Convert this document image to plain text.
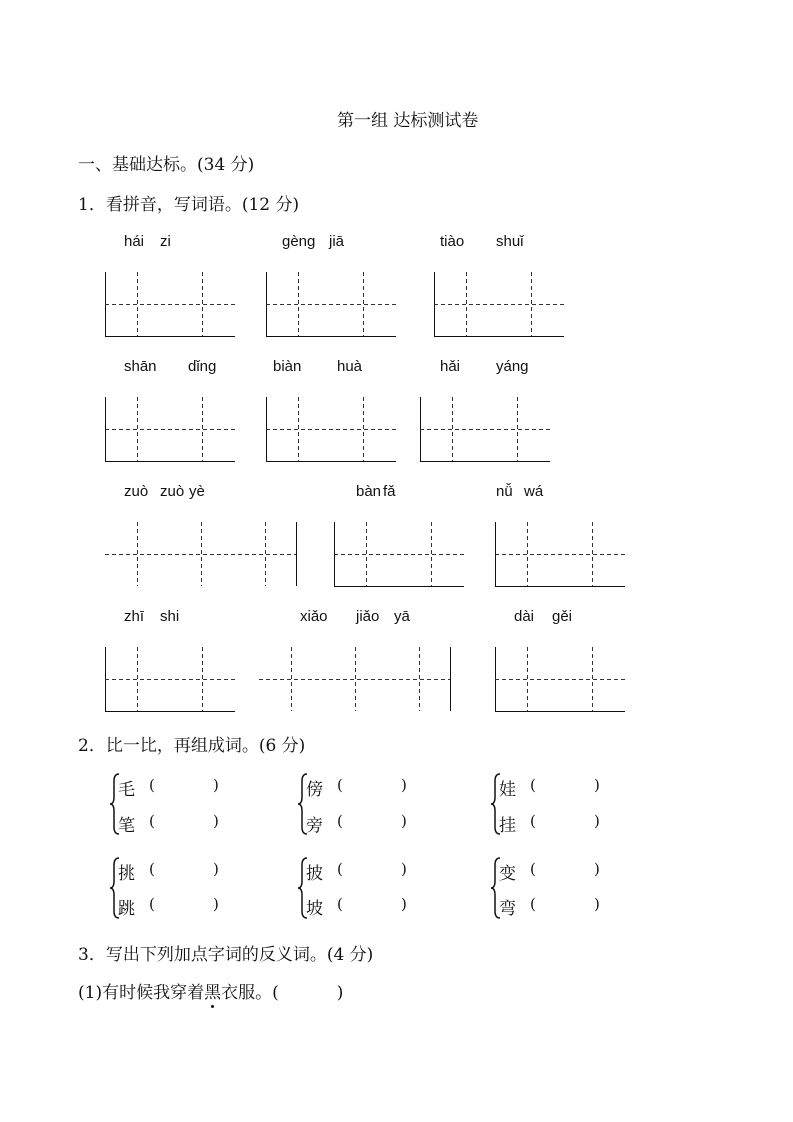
第一组 达标测试卷
一、基础达标。(34 分)
1．看拼音，写词语。(12 分)
hái zi	gèng jiā	tiào shuǐ
shān dǐng	biàn huà	hǎi yáng
zuò zuò yè	bàn fǎ	nǚ wá
zhī shi	xiǎo jiǎo yā	dài gěi
2．比一比，再组成词。(6 分)
毛 (	)
笔 (	)
傍 (	)
旁 (	)
娃 (	)
挂 (	)
挑 (	)
跳 (	)
披 (	)
坡 (	)
变 (	)
弯 (	)
3．写出下列加点字词的反义词。(4 分)
(1)有时候我穿着黑衣服。(	)
